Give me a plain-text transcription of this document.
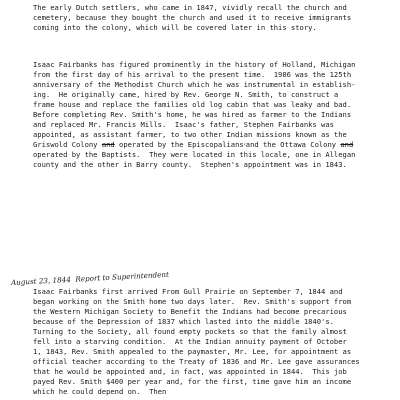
The early Dutch settlers, who came in 1847, vividly recall the church and

cemetery, because they bought the church and used it to receive immigrants

coming into the colony, which will be covered later in this story.

Isaac Fairbanks has figured prominently in the history of Holland, Michigan

from the first day of his arrival to the present time.  1986 was the 125th

anniversary of the Methodist Church which he was instrumental in establish-

ing.  He originally came, hired by Rev. George N. Smith, to construct a

frame house and replace the families old log cabin that was leaky and bad.

Before completing Rev. Smith's home, he was hired as farmer to the Indians

and replaced Mr. Francis Mills.  Isaac's father, Stephen Fairbanks was

appointed, as assistant farmer, to two other Indian missions known as the

Griswold Colony and operated by the Episcopalians,and the Ottawa Colony and

operated by the Baptists.  They were located in this locale, one in Allegan

county and the other in Barry county.  Stephen's appointment was in 1843.

August 23, 1844  Report to Superintendent

Isaac Fairbanks first arrived From Gull Prairie on September 7, 1844 and

began working on the Smith home two days later.  Rev. Smith's support from

the Western Michigan Society to Benefit the Indians had become precarious

because of the Depression of 1837 which lasted into the middle 1840's.

Turning to the Society, all found empty pockets so that the family almost

fell into a starving condition.  At the Indian annuity payment of October

1, 1843, Rev. Smith appealed to the paymaster, Mr. Lee, for appointment as

official teacher according to the Treaty of 1836 and Mr. Lee gave assurances

that he would be appointed and, in fact, was appointed in 1844.  This job

payed Rev. Smith $400 per year and, for the first, time gave him an income

which he could depend on.  Then
